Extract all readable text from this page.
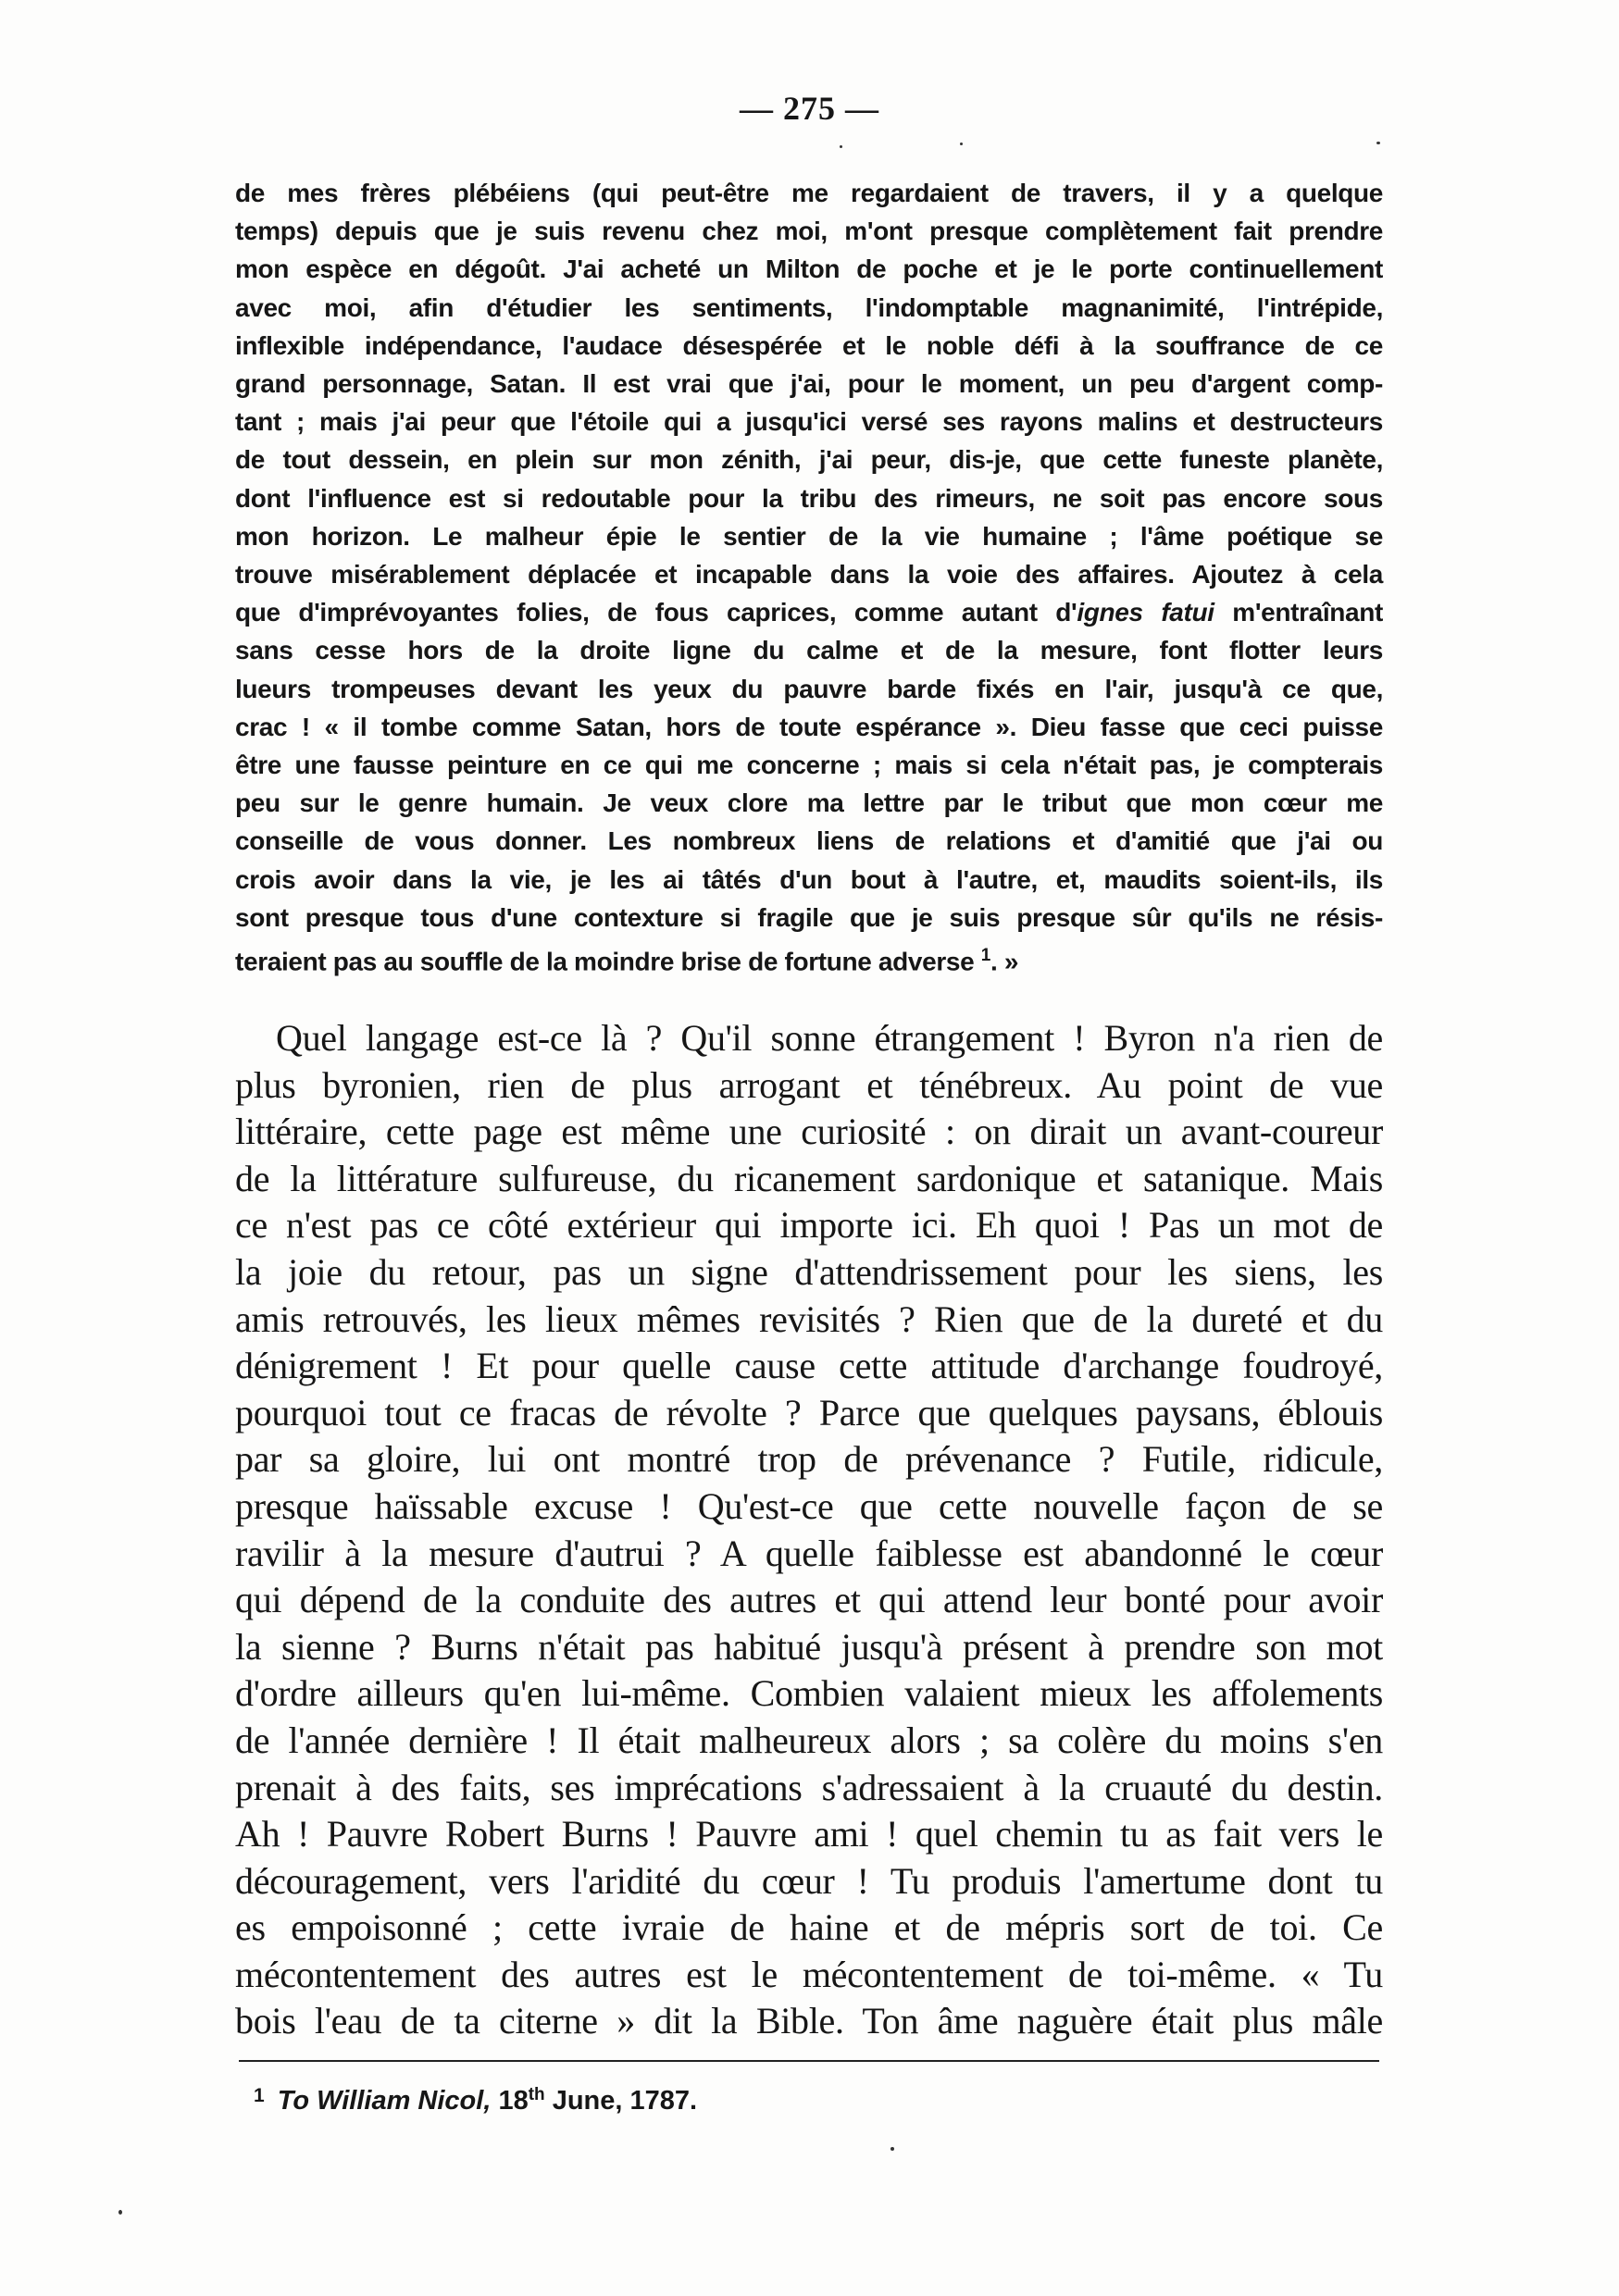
— 275 —
de mes frères plébéiens (qui peut-être me regardaient de travers, il y a quelque
temps) depuis que je suis revenu chez moi, m'ont presque complètement fait prendre
mon espèce en dégoût. J'ai acheté un Milton de poche et je le porte continuellement
avec moi, afin d'étudier les sentiments, l'indomptable magnanimité, l'intrépide,
inflexible indépendance, l'audace désespérée et le noble défi à la souffrance de ce
grand personnage, Satan. Il est vrai que j'ai, pour le moment, un peu d'argent comp-
tant ; mais j'ai peur que l'étoile qui a jusqu'ici versé ses rayons malins et destructeurs
de tout dessein, en plein sur mon zénith, j'ai peur, dis-je, que cette funeste planète,
dont l'influence est si redoutable pour la tribu des rimeurs, ne soit pas encore sous
mon horizon. Le malheur épie le sentier de la vie humaine ; l'âme poétique se
trouve misérablement déplacée et incapable dans la voie des affaires. Ajoutez à cela
que d'imprévoyantes folies, de fous caprices, comme autant d'ignes fatui m'entraînant
sans cesse hors de la droite ligne du calme et de la mesure, font flotter leurs
lueurs trompeuses devant les yeux du pauvre barde fixés en l'air, jusqu'à ce que,
crac ! « il tombe comme Satan, hors de toute espérance ». Dieu fasse que ceci puisse
être une fausse peinture en ce qui me concerne ; mais si cela n'était pas, je compterais
peu sur le genre humain. Je veux clore ma lettre par le tribut que mon cœur me
conseille de vous donner. Les nombreux liens de relations et d'amitié que j'ai ou
crois avoir dans la vie, je les ai tâtés d'un bout à l'autre, et, maudits soient-ils, ils
sont presque tous d'une contexture si fragile que je suis presque sûr qu'ils ne résis-
teraient pas au souffle de la moindre brise de fortune adverse $^1$. »
Quel langage est-ce là ? Qu'il sonne étrangement ! Byron n'a rien de
plus byronien, rien de plus arrogant et ténébreux. Au point de vue
littéraire, cette page est même une curiosité : on dirait un avant-coureur
de la littérature sulfureuse, du ricanement sardonique et satanique. Mais
ce n'est pas ce côté extérieur qui importe ici. Eh quoi ! Pas un mot de
la joie du retour, pas un signe d'attendrissement pour les siens, les
amis retrouvés, les lieux mêmes revisités ? Rien que de la dureté et du
dénigrement ! Et pour quelle cause cette attitude d'archange foudroyé,
pourquoi tout ce fracas de révolte ? Parce que quelques paysans, éblouis
par sa gloire, lui ont montré trop de prévenance ? Futile, ridicule,
presque haïssable excuse ! Qu'est-ce que cette nouvelle façon de se
ravilir à la mesure d'autrui ? A quelle faiblesse est abandonné le cœur
qui dépend de la conduite des autres et qui attend leur bonté pour avoir
la sienne ? Burns n'était pas habitué jusqu'à présent à prendre son mot
d'ordre ailleurs qu'en lui-même. Combien valaient mieux les affolements
de l'année dernière ! Il était malheureux alors ; sa colère du moins s'en
prenait à des faits, ses imprécations s'adressaient à la cruauté du destin.
Ah ! Pauvre Robert Burns ! Pauvre ami ! quel chemin tu as fait vers le
découragement, vers l'aridité du cœur ! Tu produis l'amertume dont tu
es empoisonné ; cette ivraie de haine et de mépris sort de toi. Ce
mécontentement des autres est le mécontentement de toi-même. « Tu
bois l'eau de ta citerne » dit la Bible. Ton âme naguère était plus mâle
$^1$ To William Nicol, 18th June, 1787.
